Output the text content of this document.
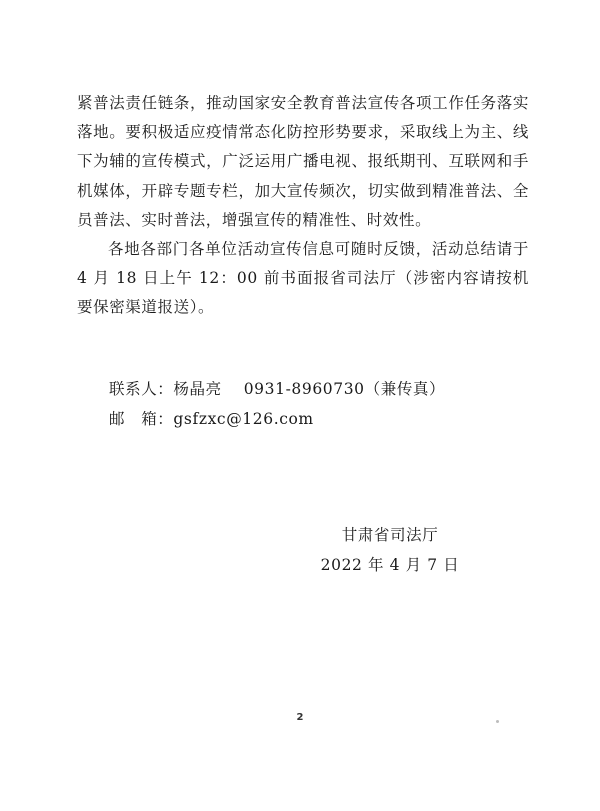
紧普法责任链条，推动国家安全教育普法宣传各项工作任务落实落地。要积极适应疫情常态化防控形势要求，采取线上为主、线下为辅的宣传模式，广泛运用广播电视、报纸期刊、互联网和手机媒体，开辟专题专栏，加大宣传频次，切实做到精准普法、全员普法、实时普法，增强宣传的精准性、时效性。

各地各部门各单位活动宣传信息可随时反馈，活动总结请于 4 月 18 日上午 12：00 前书面报省司法厅（涉密内容请按机要保密渠道报送）。

联系人：杨晶亮 0931-8960730（兼传真）
邮　箱：gsfzxc@126.com
甘肃省司法厅
2022 年 4 月 7 日
2
